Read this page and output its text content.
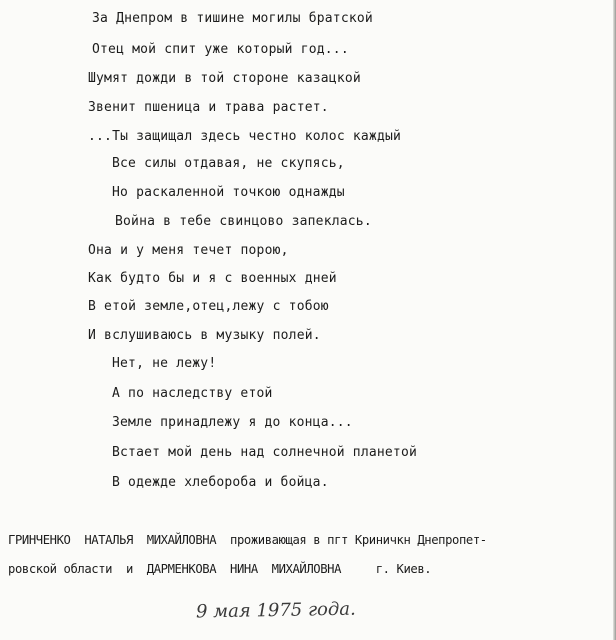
За Днепром в тишине могилы братской
Отец мой спит уже который год...
Шумят дожди в той стороне казацкой
Звенит пшеница и трава растет.
...Ты защищал здесь честно колос каждый
Все силы отдавая, не скупясь,
Но раскаленной точкою однажды
Война в тебе свинцово запеклась.
Она и у меня течет порою,
Как будто бы и я с военных дней
В етой земле,отец,лежу с тобою
И вслушиваюсь в музыку полей.
Нет, не лежу!
А по наследству етой
Земле принадлежу я до конца...
Встает мой день над солнечной планетой
В одежде хлебороба и бойца.
ГРИНЧЕНКО  НАТАЛЬЯ  МИХАЙЛОВНА  проживающая в пгт Криничкн Днепропет-
ровской области  и  ДАРМЕНКОВА  НИНА  МИХАЙЛОВНА     г. Киев.
9 мая 1975 года.
